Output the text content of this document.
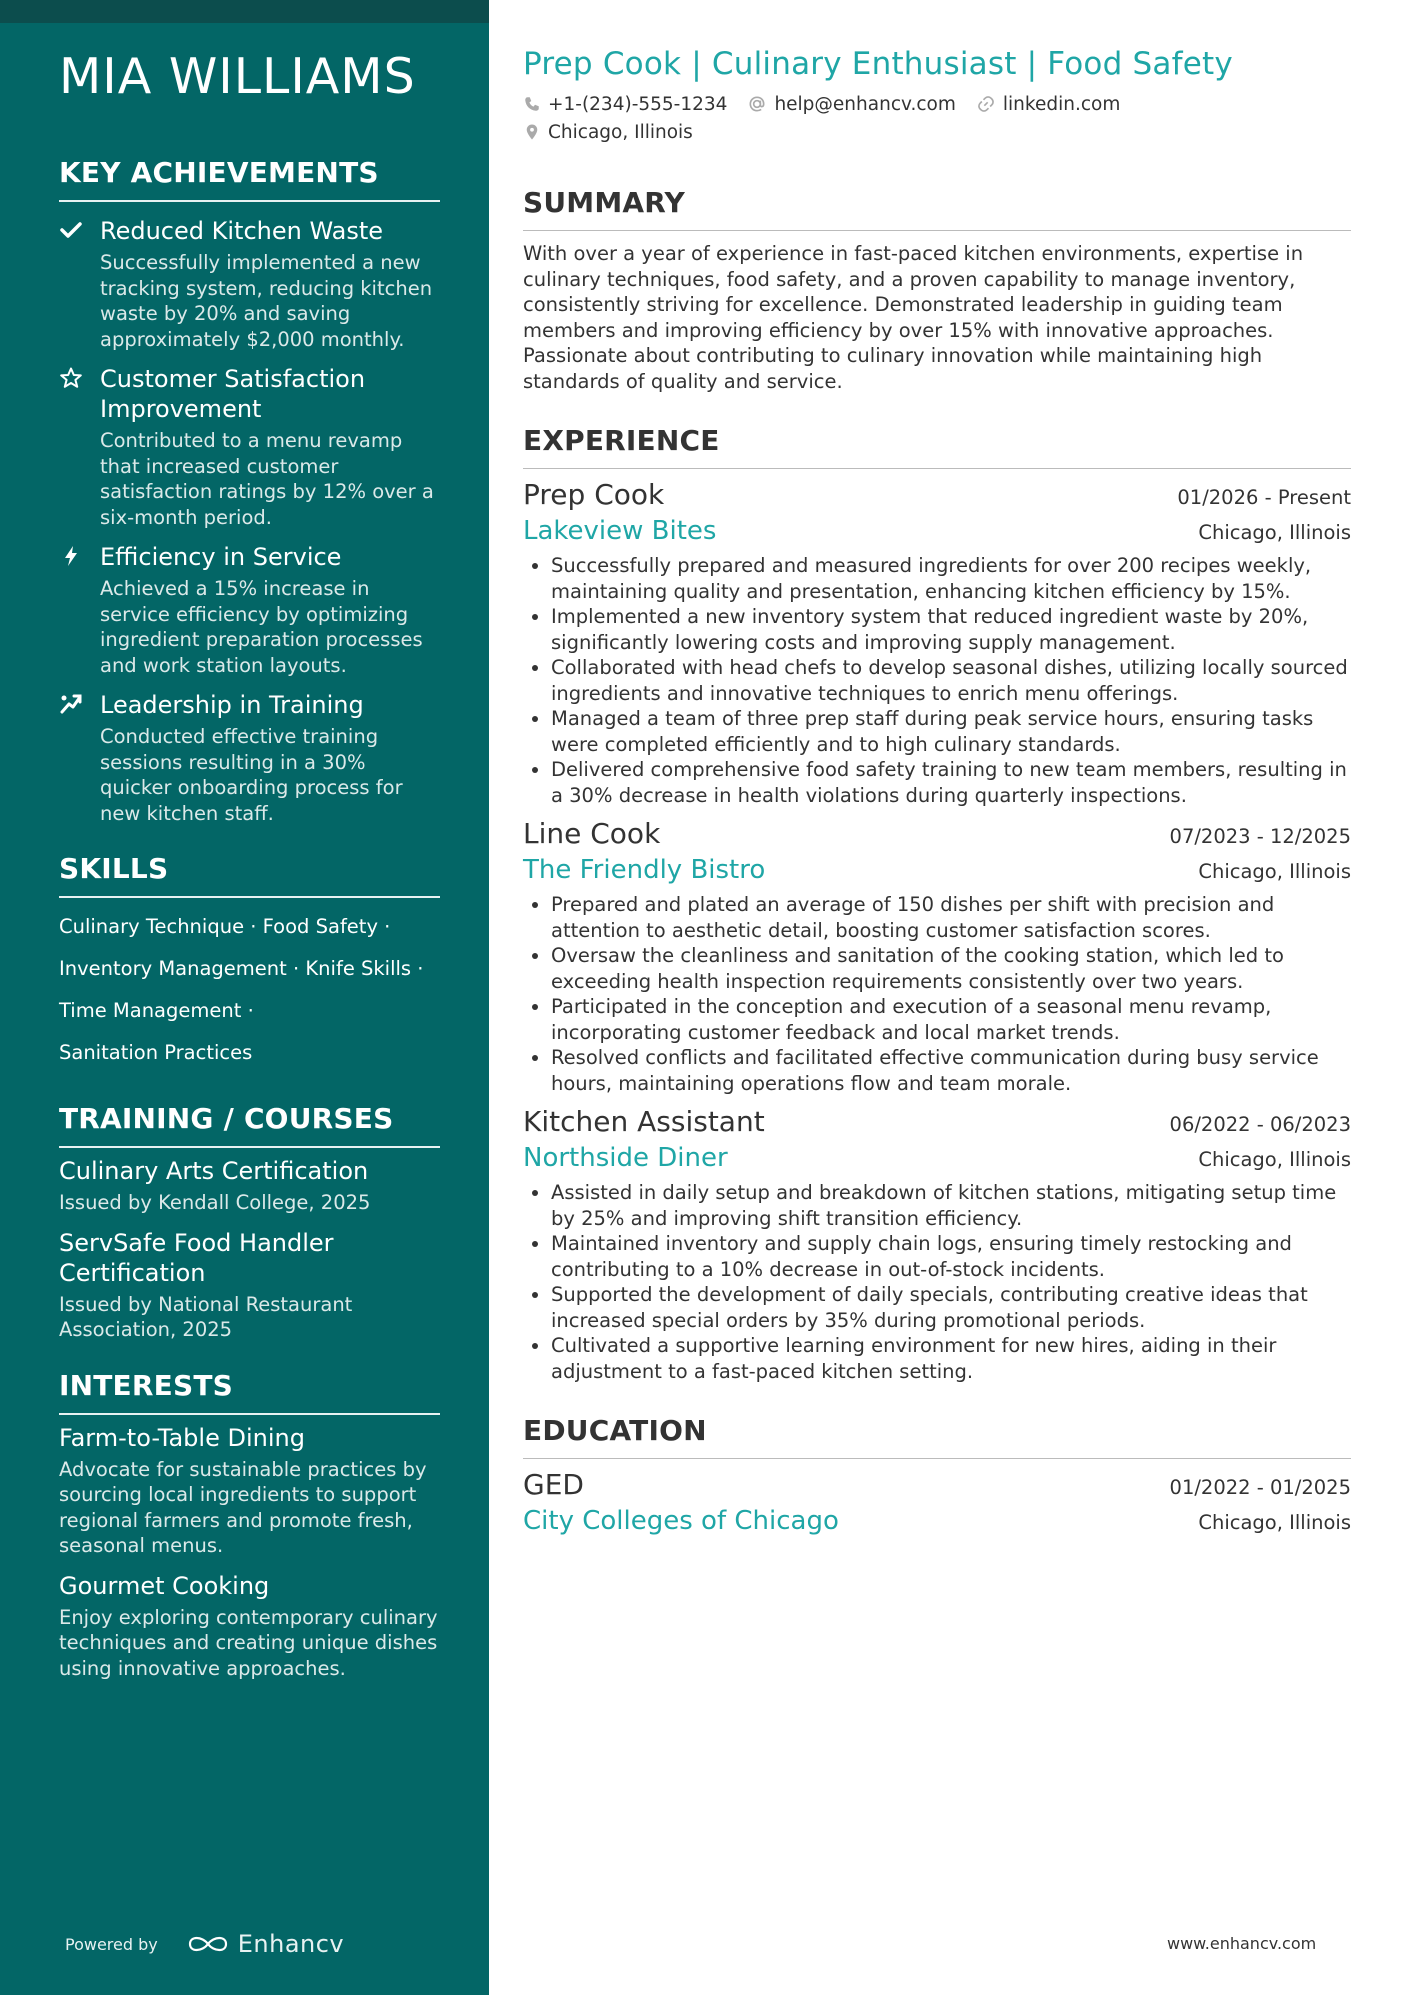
MIA WILLIAMS
KEY ACHIEVEMENTS
Reduced Kitchen Waste
Successfully implemented a new tracking system, reducing kitchen waste by 20% and saving approximately $2,000 monthly.
Customer Satisfaction Improvement
Contributed to a menu revamp that increased customer satisfaction ratings by 12% over a six-month period.
Efficiency in Service
Achieved a 15% increase in service efficiency by optimizing ingredient preparation processes and work station layouts.
Leadership in Training
Conducted effective training sessions resulting in a 30% quicker onboarding process for new kitchen staff.
SKILLS
Culinary Technique · Food Safety ·
Inventory Management · Knife Skills ·
Time Management ·
Sanitation Practices
TRAINING / COURSES
Culinary Arts Certification
Issued by Kendall College, 2025
ServSafe Food Handler Certification
Issued by National Restaurant Association, 2025
INTERESTS
Farm-to-Table Dining
Advocate for sustainable practices by sourcing local ingredients to support regional farmers and promote fresh, seasonal menus.
Gourmet Cooking
Enjoy exploring contemporary culinary techniques and creating unique dishes using innovative approaches.
Powered by	Enhancv
Prep Cook | Culinary Enthusiast | Food Safety
+1-(234)-555-1234	help@enhancv.com	linkedin.com
Chicago, Illinois
SUMMARY
With over a year of experience in fast-paced kitchen environments, expertise in culinary techniques, food safety, and a proven capability to manage inventory, consistently striving for excellence. Demonstrated leadership in guiding team members and improving efficiency by over 15% with innovative approaches. Passionate about contributing to culinary innovation while maintaining high standards of quality and service.
EXPERIENCE
Prep Cook	01/2026 - Present
Lakeview Bites	Chicago, Illinois
• Successfully prepared and measured ingredients for over 200 recipes weekly, maintaining quality and presentation, enhancing kitchen efficiency by 15%.
• Implemented a new inventory system that reduced ingredient waste by 20%, significantly lowering costs and improving supply management.
• Collaborated with head chefs to develop seasonal dishes, utilizing locally sourced ingredients and innovative techniques to enrich menu offerings.
• Managed a team of three prep staff during peak service hours, ensuring tasks were completed efficiently and to high culinary standards.
• Delivered comprehensive food safety training to new team members, resulting in a 30% decrease in health violations during quarterly inspections.
Line Cook	07/2023 - 12/2025
The Friendly Bistro	Chicago, Illinois
• Prepared and plated an average of 150 dishes per shift with precision and attention to aesthetic detail, boosting customer satisfaction scores.
• Oversaw the cleanliness and sanitation of the cooking station, which led to exceeding health inspection requirements consistently over two years.
• Participated in the conception and execution of a seasonal menu revamp, incorporating customer feedback and local market trends.
• Resolved conflicts and facilitated effective communication during busy service hours, maintaining operations flow and team morale.
Kitchen Assistant	06/2022 - 06/2023
Northside Diner	Chicago, Illinois
• Assisted in daily setup and breakdown of kitchen stations, mitigating setup time by 25% and improving shift transition efficiency.
• Maintained inventory and supply chain logs, ensuring timely restocking and contributing to a 10% decrease in out-of-stock incidents.
• Supported the development of daily specials, contributing creative ideas that increased special orders by 35% during promotional periods.
• Cultivated a supportive learning environment for new hires, aiding in their adjustment to a fast-paced kitchen setting.
EDUCATION
GED	01/2022 - 01/2025
City Colleges of Chicago	Chicago, Illinois
www.enhancv.com
